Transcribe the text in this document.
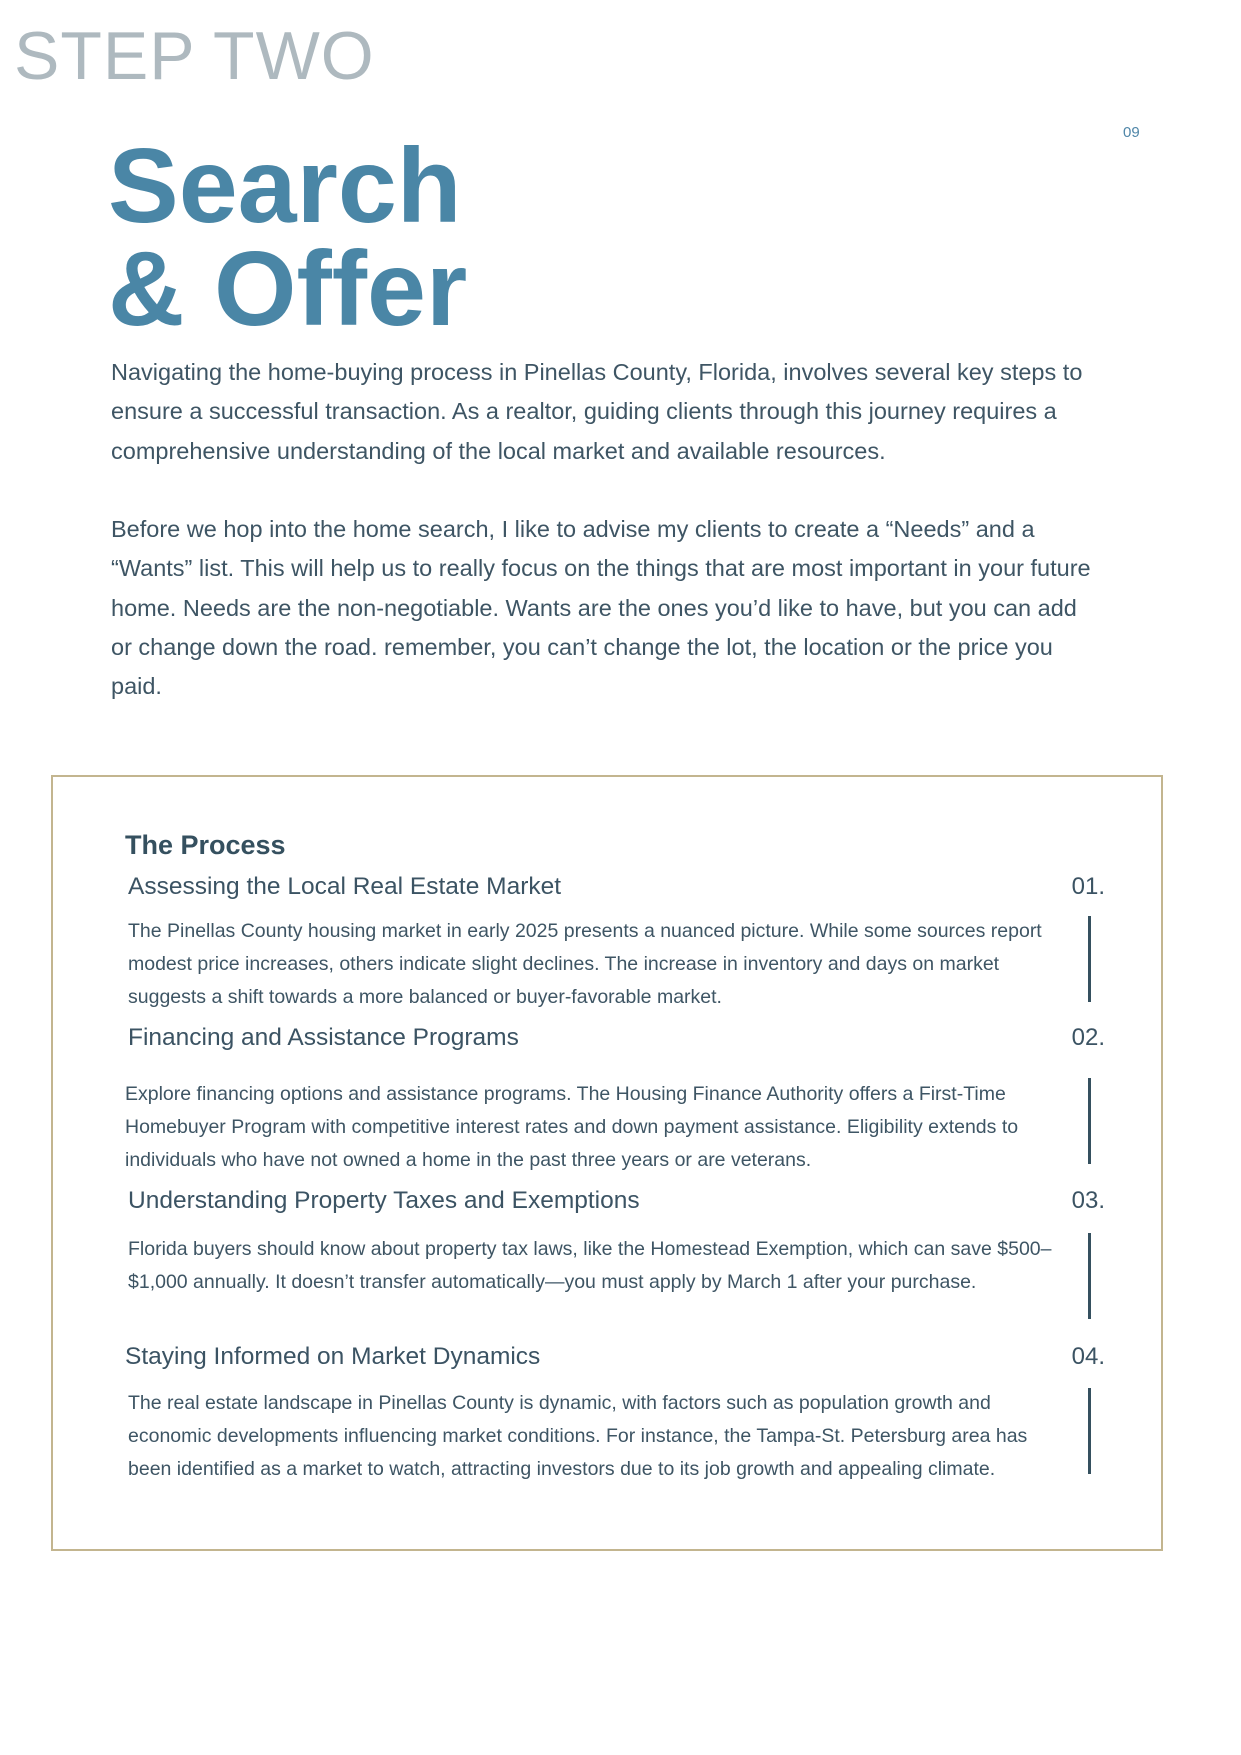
STEP TWO
09
Search
& Offer

Navigating the home-buying process in Pinellas County, Florida, involves several key steps to ensure a successful transaction. As a realtor, guiding clients through this journey requires a comprehensive understanding of the local market and available resources.

Before we hop into the home search, I like to advise my clients to create a “Needs” and a “Wants” list. This will help us to really focus on the things that are most important in your future home. Needs are the non-negotiable. Wants are the ones you’d like to have, but you can add or change down the road. remember, you can’t change the lot, the location or the price you paid.

The Process
Assessing the Local Real Estate Market	01.
The Pinellas County housing market in early 2025 presents a nuanced picture. While some sources report modest price increases, others indicate slight declines. The increase in inventory and days on market suggests a shift towards a more balanced or buyer-favorable market.
Financing and Assistance Programs	02.
Explore financing options and assistance programs. The Housing Finance Authority offers a First-Time Homebuyer Program with competitive interest rates and down payment assistance. Eligibility extends to individuals who have not owned a home in the past three years or are veterans.
Understanding Property Taxes and Exemptions	03.
Florida buyers should know about property tax laws, like the Homestead Exemption, which can save $500–$1,000 annually. It doesn’t transfer automatically—you must apply by March 1 after your purchase.
Staying Informed on Market Dynamics	04.
The real estate landscape in Pinellas County is dynamic, with factors such as population growth and economic developments influencing market conditions. For instance, the Tampa-St. Petersburg area has been identified as a market to watch, attracting investors due to its job growth and appealing climate.
